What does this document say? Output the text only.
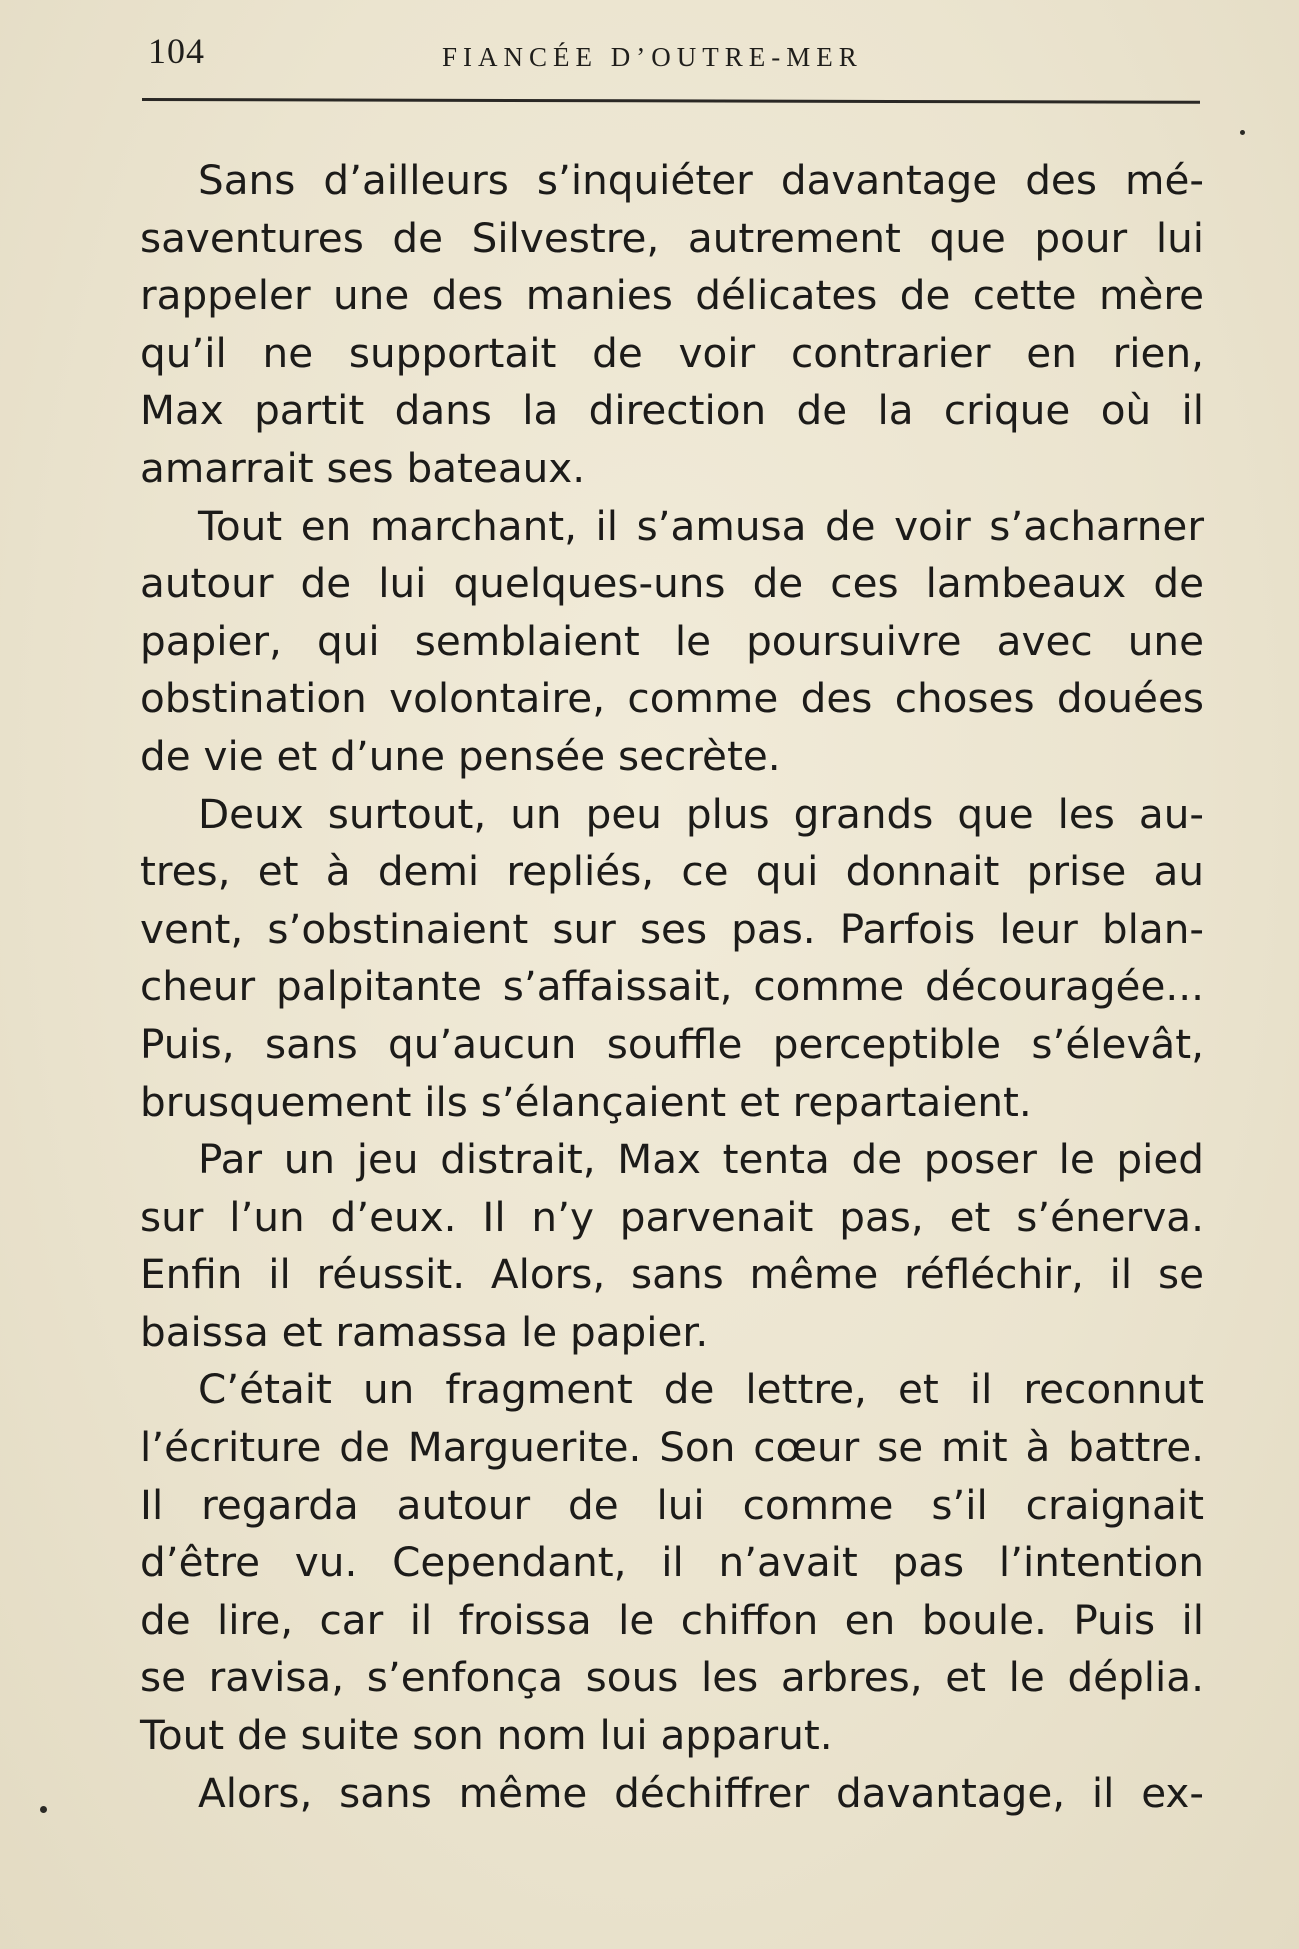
104	FIANCÉE D’OUTRE-MER
Sans d’ailleurs s’inquiéter davantage des mé-
saventures de Silvestre, autrement que pour lui
rappeler une des manies délicates de cette mère
qu’il ne supportait de voir contrarier en rien,
Max partit dans la direction de la crique où il
amarrait ses bateaux.
Tout en marchant, il s’amusa de voir s’acharner
autour de lui quelques-uns de ces lambeaux de
papier, qui semblaient le poursuivre avec une
obstination volontaire, comme des choses douées
de vie et d’une pensée secrète.
Deux surtout, un peu plus grands que les au-
tres, et à demi repliés, ce qui donnait prise au
vent, s’obstinaient sur ses pas. Parfois leur blan-
cheur palpitante s’affaissait, comme découragée...
Puis, sans qu’aucun souffle perceptible s’élevât,
brusquement ils s’élançaient et repartaient.
Par un jeu distrait, Max tenta de poser le pied
sur l’un d’eux. Il n’y parvenait pas, et s’énerva.
Enfin il réussit. Alors, sans même réfléchir, il se
baissa et ramassa le papier.
C’était un fragment de lettre, et il reconnut
l’écriture de Marguerite. Son cœur se mit à battre.
Il regarda autour de lui comme s’il craignait
d’être vu. Cependant, il n’avait pas l’intention
de lire, car il froissa le chiffon en boule. Puis il
se ravisa, s’enfonça sous les arbres, et le déplia.
Tout de suite son nom lui apparut.
Alors, sans même déchiffrer davantage, il ex-
